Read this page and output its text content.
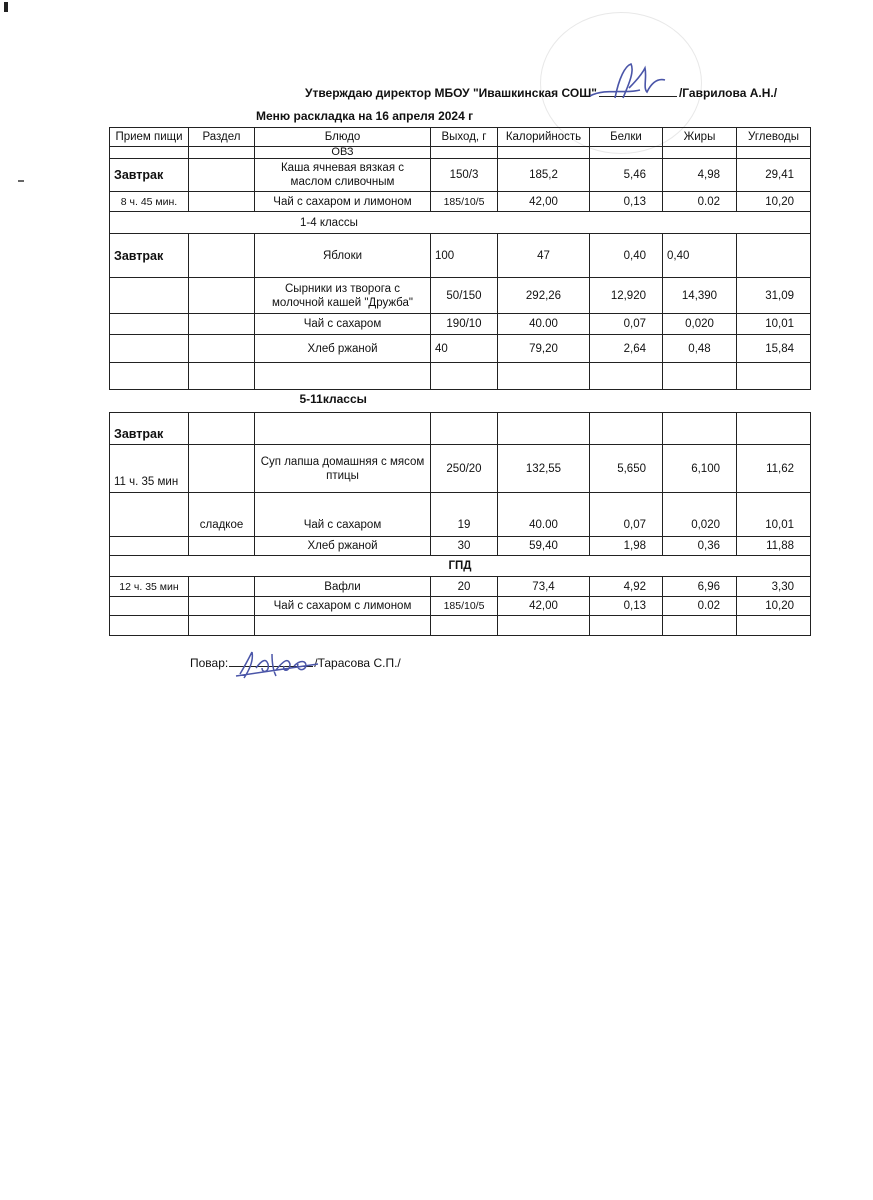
Утверждаю директор МБОУ "Ивашкинская СОШ"	/Гаврилова А.Н./
Меню раскладка на 16 апреля 2024 г
Прием пищи	Раздел	Блюдо	Выход, г	Калорийность	Белки	Жиры	Углеводы
		ОВЗ					
Завтрак		Каша ячневая вязкая с маслом сливочным	150/3	185,2	5,46	4,98	29,41
8 ч. 45 мин.		Чай с сахаром и лимоном	185/10/5	42,00	0,13	0.02	10,20
1-4 классы							
Завтрак		Яблоки	100	47	0,40	0,40	
		Сырники из творога с молочной кашей "Дружба"	50/150	292,26	12,920	14,390	31,09
		Чай с сахаром	190/10	40.00	0,07	0,020	10,01
		Хлеб ржаной	40	79,20	2,64	0,48	15,84

5-11классы							
Завтрак							
11 ч. 35 мин		Суп лапша домашняя с мясом птицы	250/20	132,55	5,650	6,100	11,62
	сладкое	Чай с сахаром	19	40.00	0,07	0,020	10,01
		Хлеб ржаной	30	59,40	1,98	0,36	11,88
ГПД							
12 ч. 35 мин		Вафли	20	73,4	4,92	6,96	3,30
		Чай с сахаром с лимоном	185/10/5	42,00	0,13	0.02	10,20

Повар:	/Тарасова С.П./
